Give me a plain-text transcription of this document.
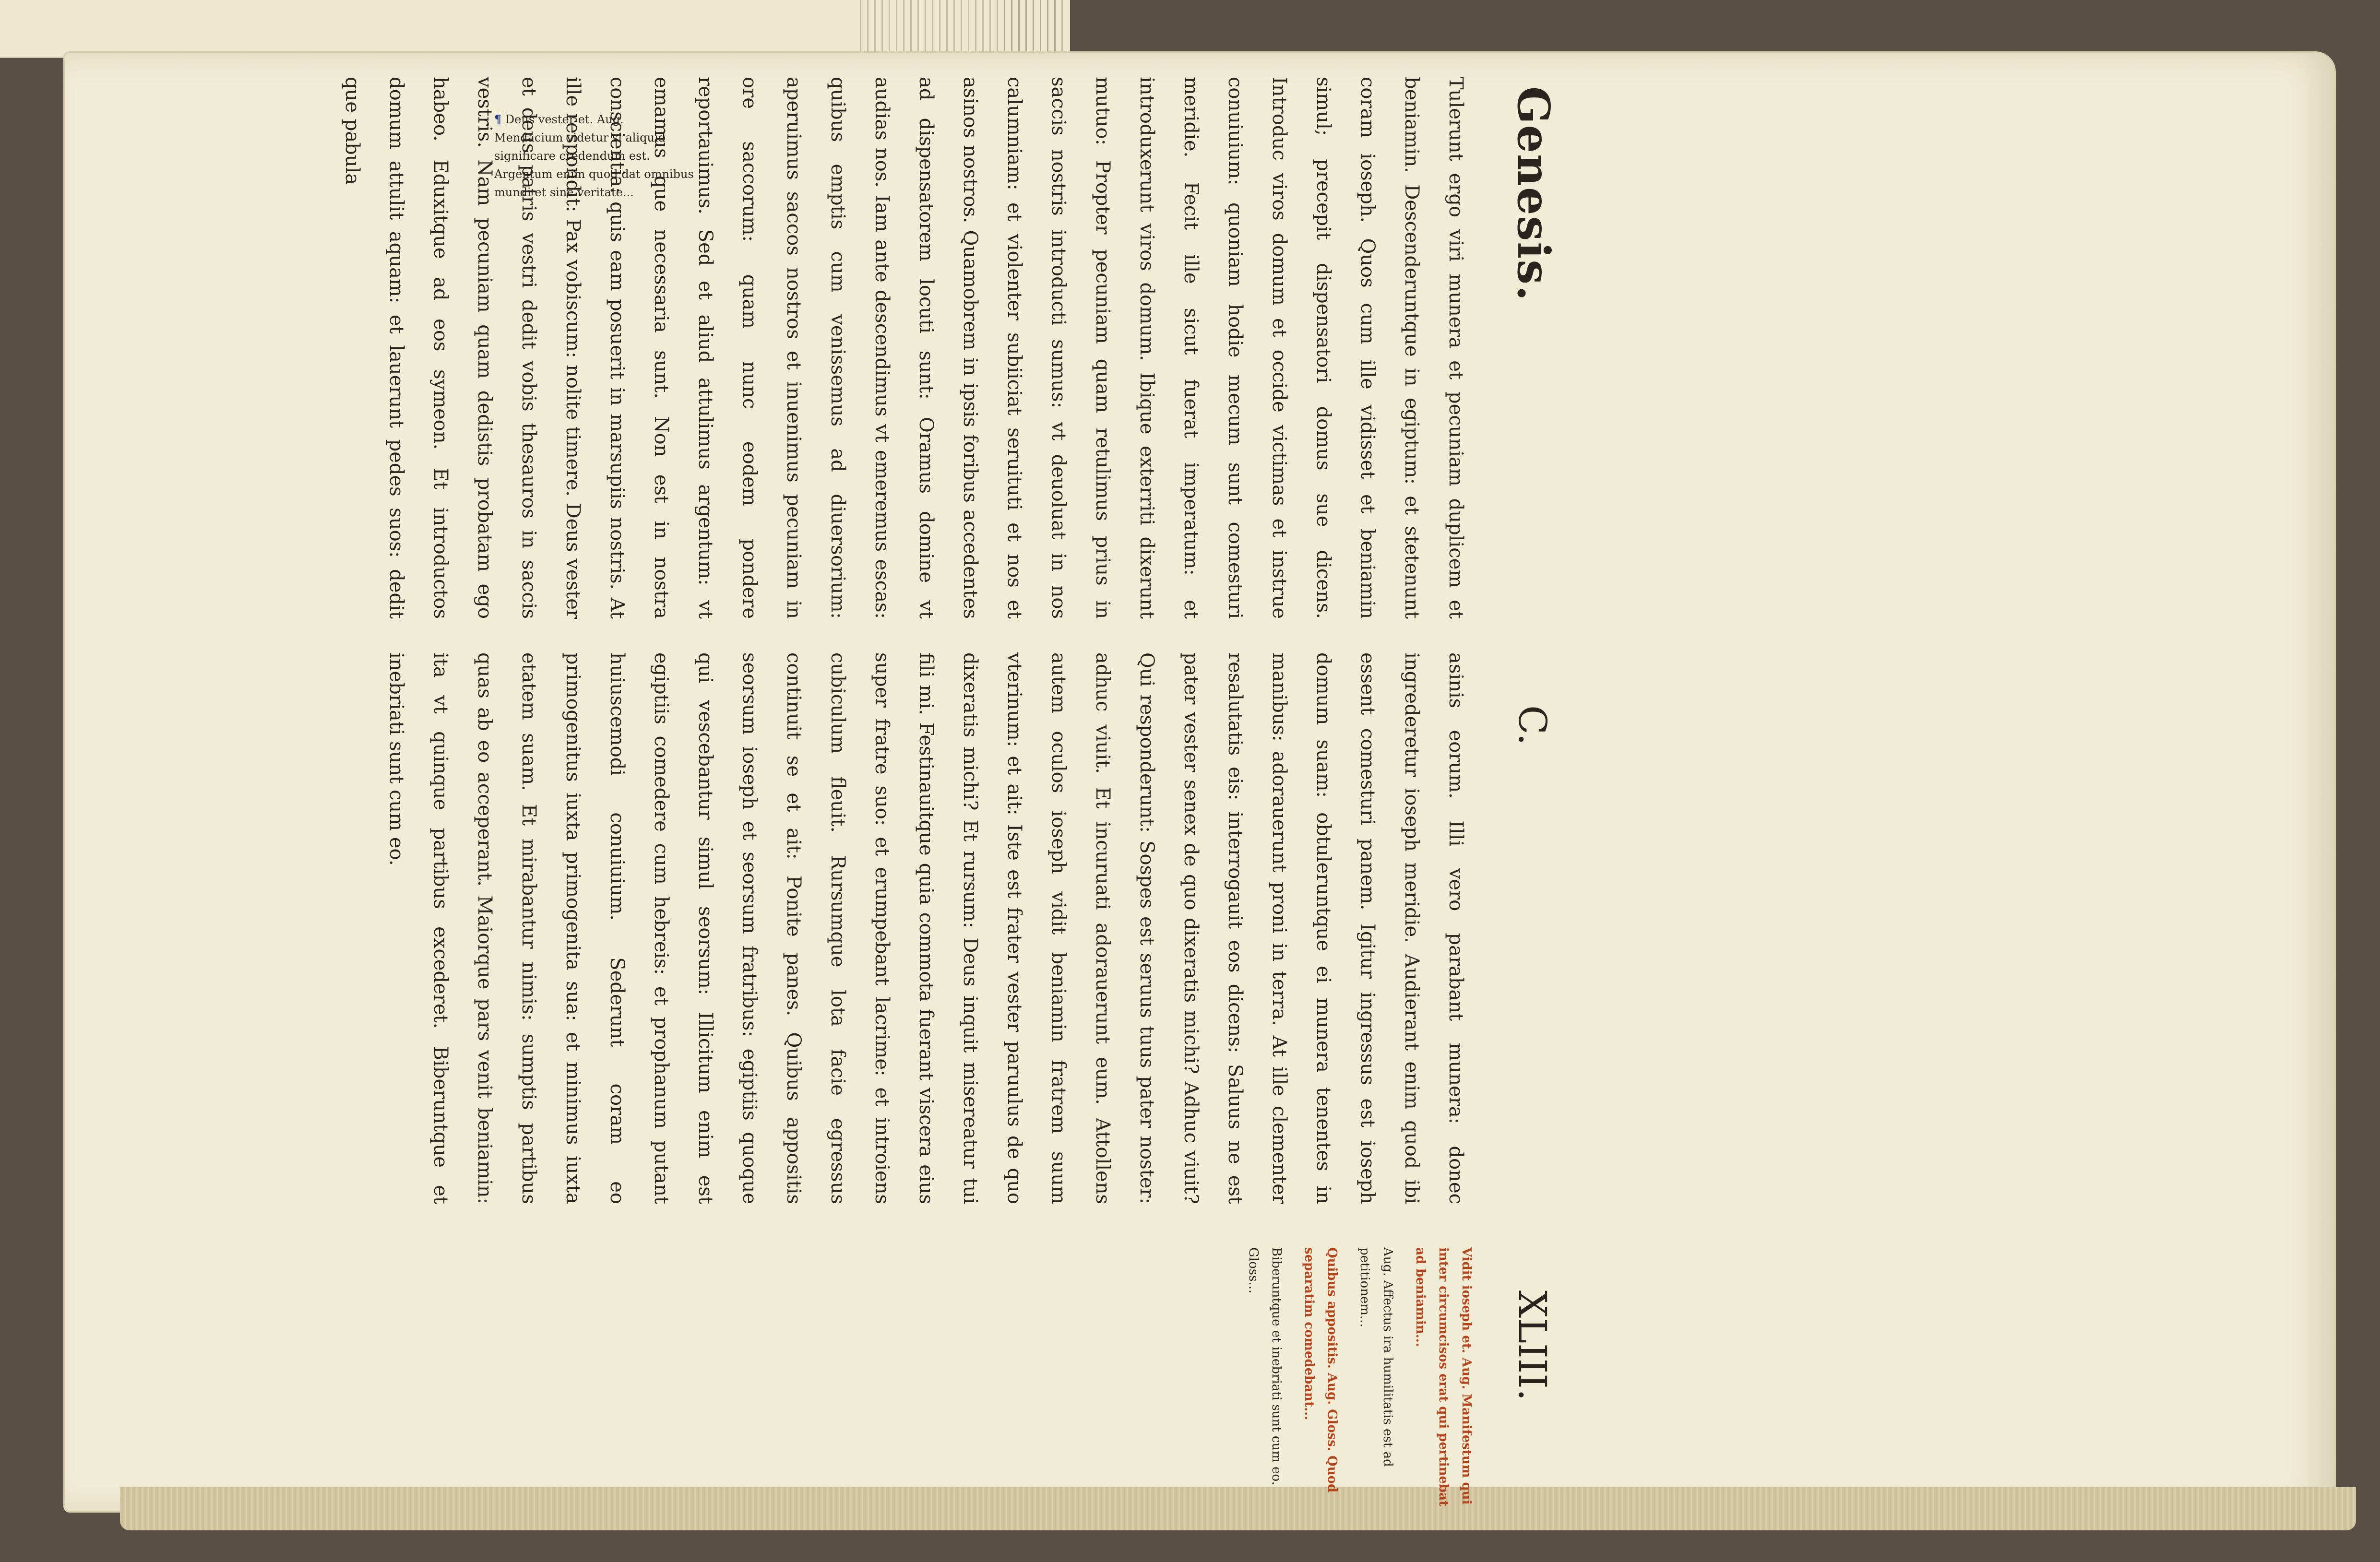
Genesis.
C.
XLIII.

Tulerunt ergo viri munera et pecuniam duplicem et beniamin. Descenderuntque in egiptum: et stetenunt coram ioseph. Quos cum ille vidisset et beniamin simul; precepit dispensatori domus sue dicens. Introduc viros domum et occide victimas et instrue conuiuium: quoniam hodie mecum sunt comesturi meridie. Fecit ille sicut fuerat imperatum: et introduxerunt viros domum. Ibique exterriti dixerunt mutuo: Propter pecuniam quam retulimus prius in saccis nostris introducti sumus: vt deuoluat in nos calumniam: et violenter subiiciat seruituti et nos et asinos nostros. Quamobrem in ipsis foribus accedentes ad dispensatorem locuti sunt: Oramus domine vt audias nos. Iam ante descendimus vt emeremus escas: quibus emptis cum venissemus ad diuersorium: aperuimus saccos nostros et inuenimus pecuniam in ore saccorum: quam nunc eodem pondere reportauimus. Sed et aliud attulimus argentum: vt emamus que necessaria sunt. Non est in nostra conscientia: quis eam posuerit in marsupiis nostris. At ille respondit: Pax vobiscum: nolite timere. Deus vester et deus patris vestri dedit vobis thesauros in saccis vestris. Nam pecuniam quam dedistis probatam ego habeo. Eduxitque ad eos symeon. Et introductos domum attulit aquam: et lauerunt pedes suos: dedit que pabula

asinis eorum. Illi vero parabant munera: donec ingrederetur ioseph meridie. Audierant enim quod ibi essent comesturi panem. Igitur ingressus est ioseph domum suam: obtuleruntque ei munera tenentes in manibus: adorauerunt proni in terra. At ille clementer resalutatis eis: interrogauit eos dicens: Saluus ne est pater vester senex de quo dixeratis michi? Adhuc viuit? Qui responderunt: Sospes est seruus tuus pater noster: adhuc viuit. Et incuruati adorauerunt eum. Attollens autem oculos ioseph vidit beniamin fratrem suum vterinum: et ait: Iste est frater vester paruulus de quo dixeratis michi? Et rursum: Deus inquit misereatur tui fili mi. Festinauitque quia commota fuerant viscera eius super fratre suo: et erumpebant lacrime: et introiens cubiculum fleuit. Rursumque lota facie egressus continuit se et ait: Ponite panes. Quibus appositis seorsum ioseph et seorsum fratribus: egiptiis quoque qui vescebantur simul seorsum: Illicitum enim est egiptiis comedere cum hebreis: et prophanum putant huiuscemodi conuiuium. Sederunt coram eo primogenitus iuxta primogenita sua: et minimus iuxta etatem suam. Et mirabantur nimis: sumptis partibus quas ab eo acceperant. Maiorque pars venit beniamin: ita vt quinque partibus excederet. Biberuntque et inebriati sunt cum eo.

Vidit ioseph et. Aug. Manifestum qui inter circumcisos erat qui pertinebat ad beniamin...

Aug. Affectus ira humilitatis est ad petitionem...

Quibus appositis. Aug. Gloss. Quod separatim comedebant...

Biberuntque et inebriati sunt cum eo. Gloss...

¶ Deus vester et. Aug. Mendacium videtur si aliquid significare credendum est. Argentum enim quod dat omnibus mundi et sine veritate...
